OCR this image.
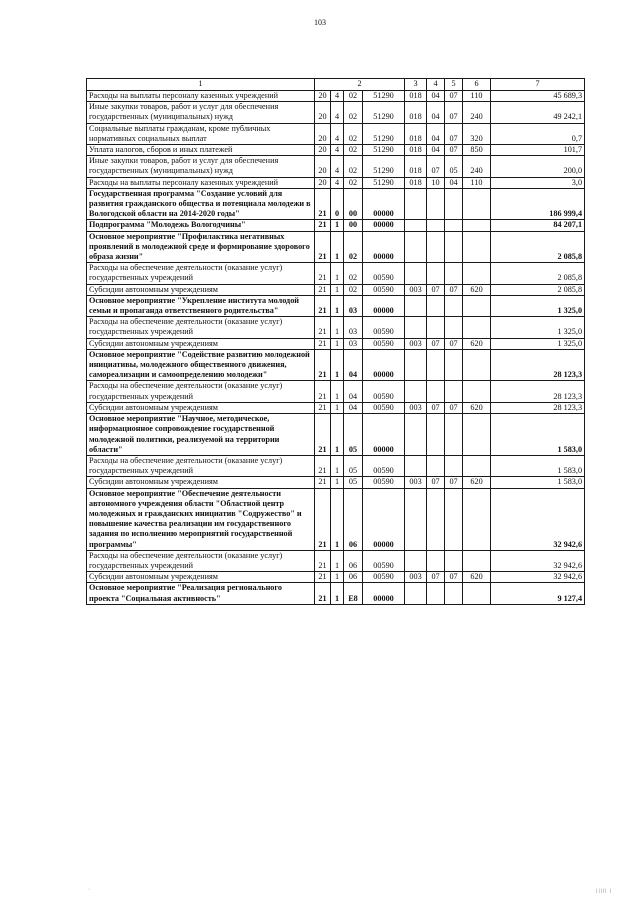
103
1	2				3	4	5	6	7
Расходы на выплаты персоналу казенных учреждений	20	4	02	51290	018	04	07	110	45 689,3
Иные закупки товаров, работ и услуг для обеспечения государственных (муниципальных) нужд	20	4	02	51290	018	04	07	240	49 242,1
Социальные выплаты гражданам, кроме публичных нормативных социальных выплат	20	4	02	51290	018	04	07	320	0,7
Уплата налогов, сборов и иных платежей	20	4	02	51290	018	04	07	850	101,7
Иные закупки товаров, работ и услуг для обеспечения государственных (муниципальных) нужд	20	4	02	51290	018	07	05	240	200,0
Расходы на выплаты персоналу казенных учреждений	20	4	02	51290	018	10	04	110	3,0
Государственная программа "Создание условий для развития гражданского общества и потенциала молодежи в Вологодской области на 2014-2020 годы"	21	0	00	00000					186 999,4
Подпрограмма "Молодежь Вологодчины"	21	1	00	00000					84 207,1
Основное мероприятие "Профилактика негативных проявлений в молодежной среде и формирование здорового образа жизни"	21	1	02	00000					2 085,8
Расходы на обеспечение деятельности (оказание услуг) государственных учреждений	21	1	02	00590					2 085,8
Субсидии автономным учреждениям	21	1	02	00590	003	07	07	620	2 085,8
Основное мероприятие "Укрепление института молодой семьи и пропаганда ответственного родительства"	21	1	03	00000					1 325,0
Расходы на обеспечение деятельности (оказание услуг) государственных учреждений	21	1	03	00590					1 325,0
Субсидии автономным учреждениям	21	1	03	00590	003	07	07	620	1 325,0
Основное мероприятие "Содействие развитию молодежной инициативы, молодежного общественного движения, самореализации и самоопределению молодежи"	21	1	04	00000					28 123,3
Расходы на обеспечение деятельности (оказание услуг) государственных учреждений	21	1	04	00590					28 123,3
Субсидии автономным учреждениям	21	1	04	00590	003	07	07	620	28 123,3
Основное мероприятие "Научное, методическое, информационное сопровождение государственной молодежной политики, реализуемой на территории области"	21	1	05	00000					1 583,0
Расходы на обеспечение деятельности (оказание услуг) государственных учреждений	21	1	05	00590					1 583,0
Субсидии автономным учреждениям	21	1	05	00590	003	07	07	620	1 583,0
Основное мероприятие "Обеспечение деятельности автономного учреждения области "Областной центр молодежных и гражданских инициатив "Содружество" и повышение качества реализации им государственного задания по исполнению мероприятий государственной программы"	21	1	06	00000					32 942,6
Расходы на обеспечение деятельности (оказание услуг) государственных учреждений	21	1	06	00590					32 942,6
Субсидии автономным учреждениям	21	1	06	00590	003	07	07	620	32 942,6
Основное мероприятие "Реализация регионального проекта "Социальная активность"	21	1	E8	00000					9 127,4
·	ǀǀǀǀǀ ǀ
